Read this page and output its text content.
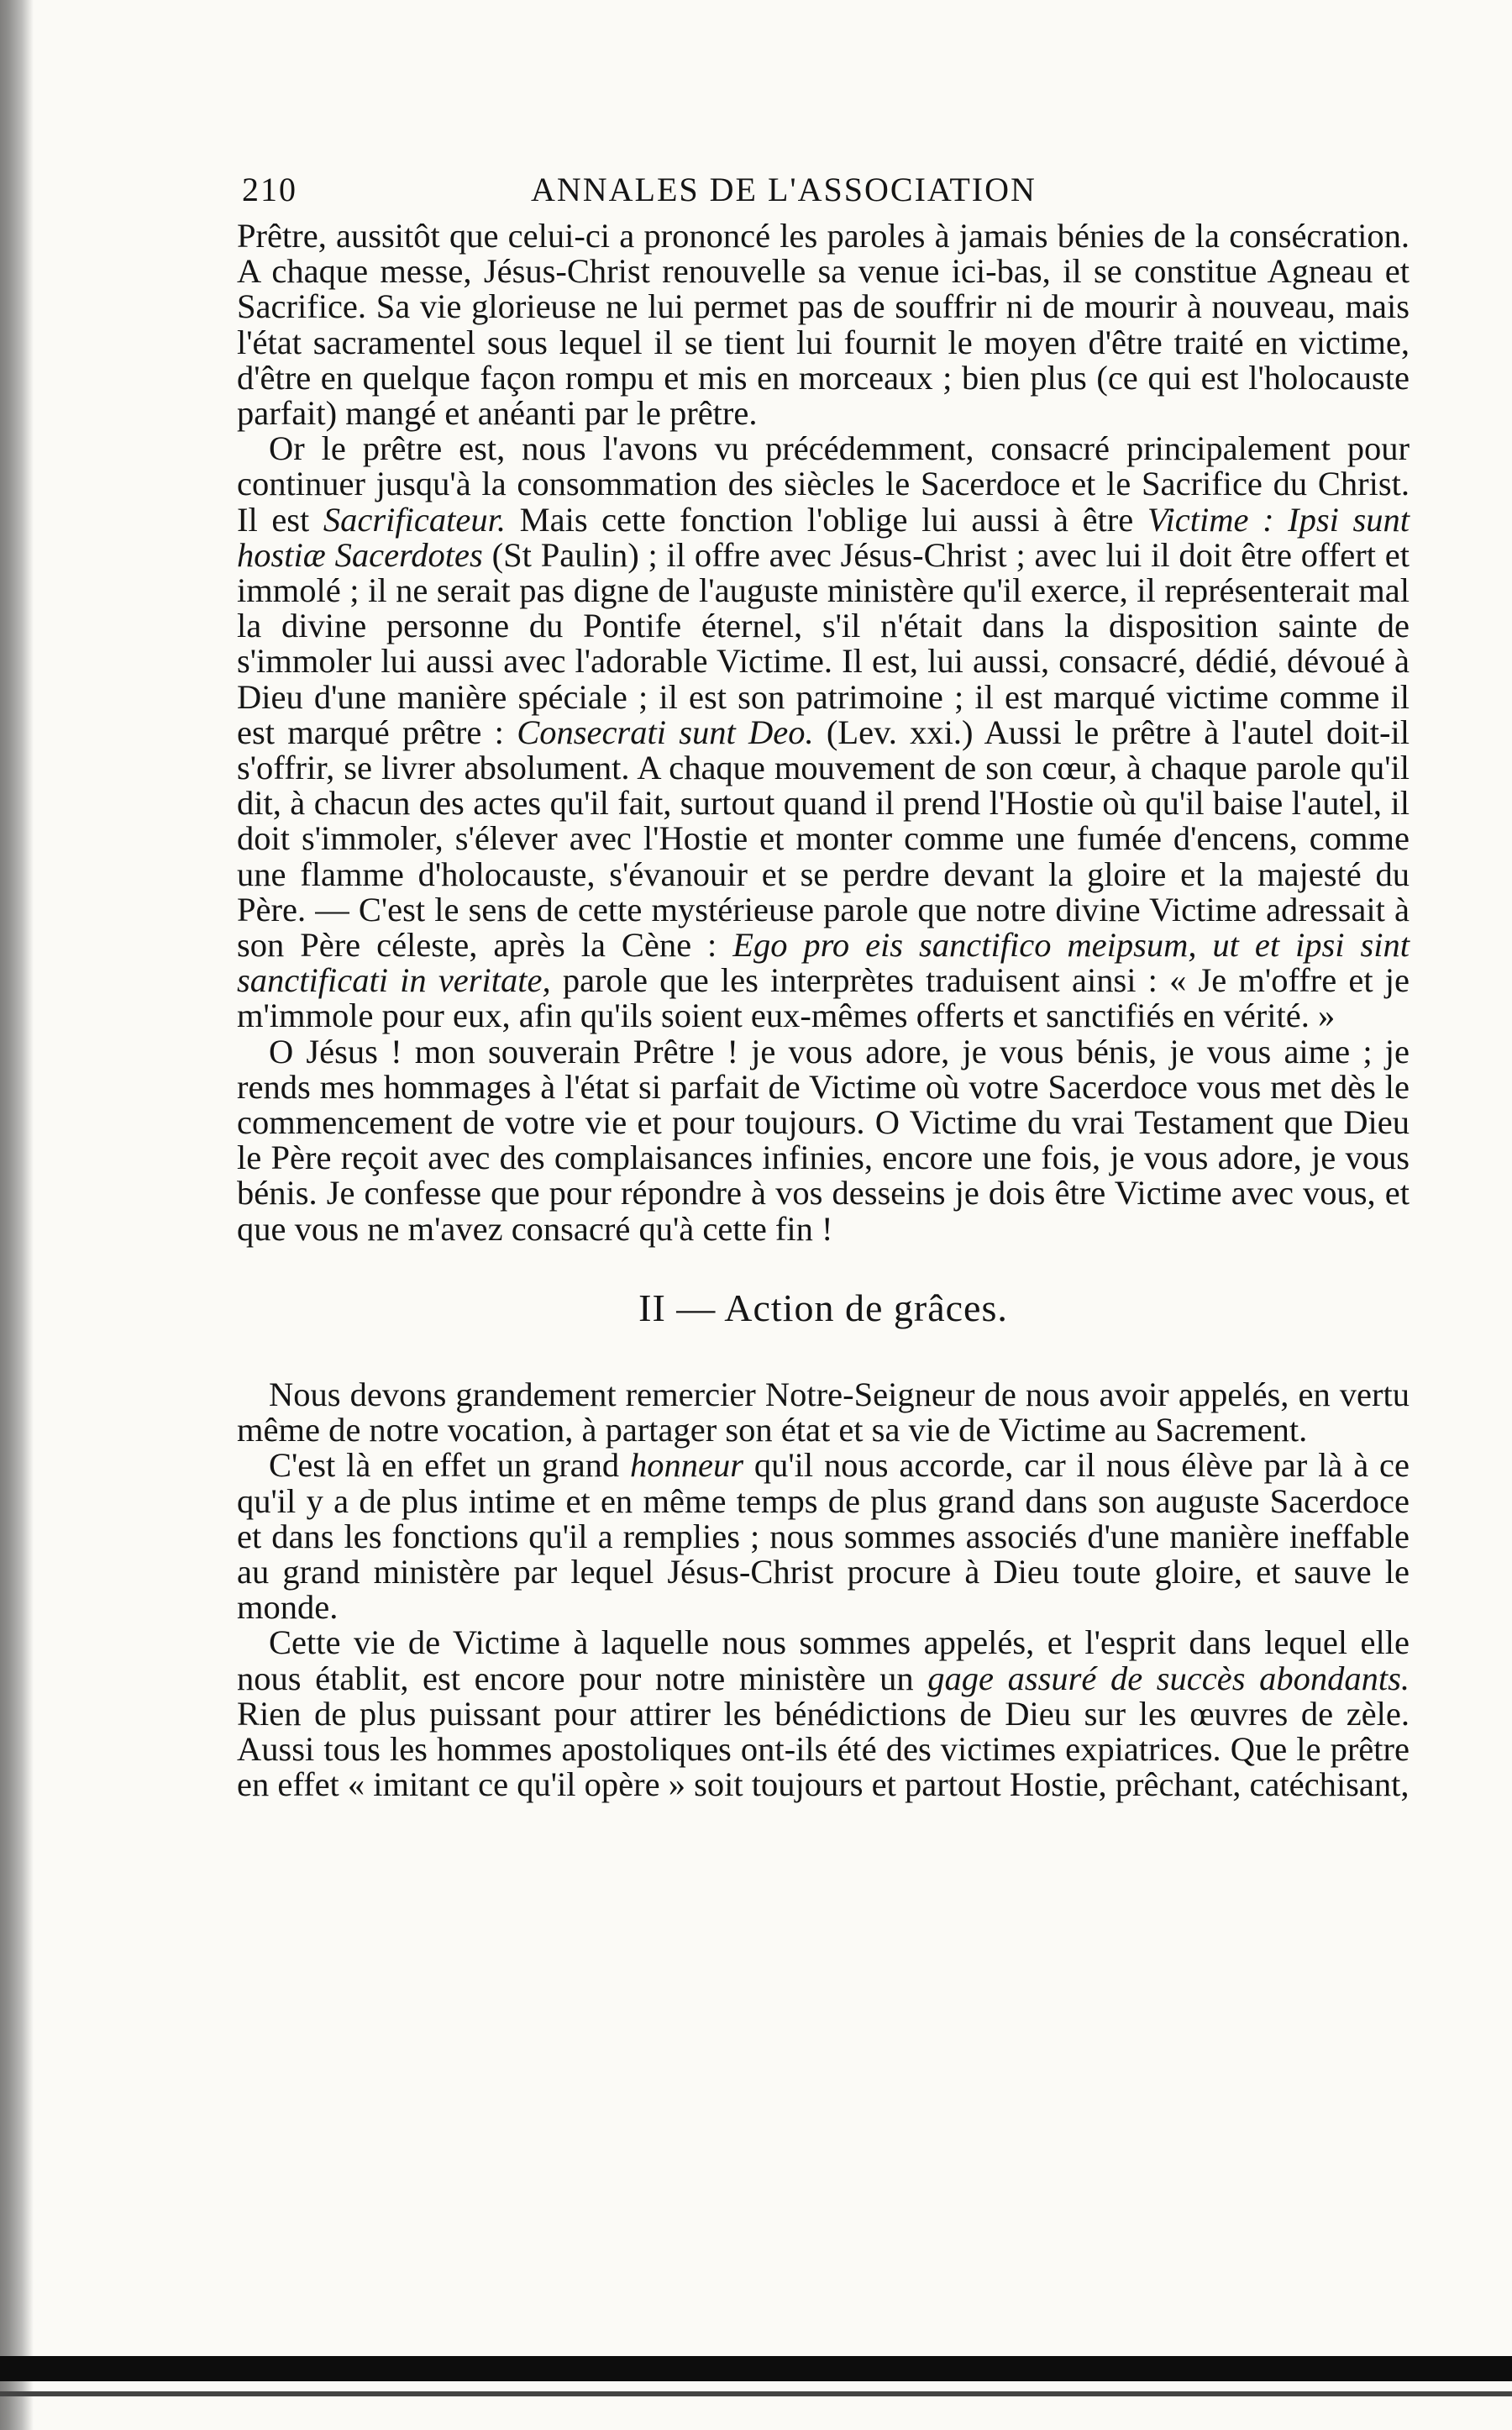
210	ANNALES DE L'ASSOCIATION

Prêtre, aussitôt que celui-ci a prononcé les paroles à jamais bénies de la consécration. A chaque messe, Jésus-Christ renouvelle sa venue ici-bas, il se constitue Agneau et Sacrifice. Sa vie glorieuse ne lui permet pas de souffrir ni de mourir à nouveau, mais l'état sacramentel sous lequel il se tient lui fournit le moyen d'être traité en victime, d'être en quelque façon rompu et mis en morceaux ; bien plus (ce qui est l'holocauste parfait) mangé et anéanti par le prêtre.

Or le prêtre est, nous l'avons vu précédemment, consacré principalement pour continuer jusqu'à la consommation des siècles le Sacerdoce et le Sacrifice du Christ. Il est Sacrificateur. Mais cette fonction l'oblige lui aussi à être Victime : Ipsi sunt hostiæ Sacerdotes (St Paulin) ; il offre avec Jésus-Christ ; avec lui il doit être offert et immolé ; il ne serait pas digne de l'auguste ministère qu'il exerce, il représenterait mal la divine personne du Pontife éternel, s'il n'était dans la disposition sainte de s'immoler lui aussi avec l'adorable Victime. Il est, lui aussi, consacré, dédié, dévoué à Dieu d'une manière spéciale ; il est son patrimoine ; il est marqué victime comme il est marqué prêtre : Consecrati sunt Deo. (Lev. xxi.) Aussi le prêtre à l'autel doit-il s'offrir, se livrer absolument. A chaque mouvement de son cœur, à chaque parole qu'il dit, à chacun des actes qu'il fait, surtout quand il prend l'Hostie où qu'il baise l'autel, il doit s'immoler, s'élever avec l'Hostie et monter comme une fumée d'encens, comme une flamme d'holocauste, s'évanouir et se perdre devant la gloire et la majesté du Père. — C'est le sens de cette mystérieuse parole que notre divine Victime adressait à son Père céleste, après la Cène : Ego pro eis sanctifico meipsum, ut et ipsi sint sanctificati in veritate, parole que les interprètes traduisent ainsi : « Je m'offre et je m'immole pour eux, afin qu'ils soient eux-mêmes offerts et sanctifiés en vérité. »

O Jésus ! mon souverain Prêtre ! je vous adore, je vous bénis, je vous aime ; je rends mes hommages à l'état si parfait de Victime où votre Sacerdoce vous met dès le commencement de votre vie et pour toujours. O Victime du vrai Testament que Dieu le Père reçoit avec des complaisances infinies, encore une fois, je vous adore, je vous bénis. Je confesse que pour répondre à vos desseins je dois être Victime avec vous, et que vous ne m'avez consacré qu'à cette fin !

II — Action de grâces.

Nous devons grandement remercier Notre-Seigneur de nous avoir appelés, en vertu même de notre vocation, à partager son état et sa vie de Victime au Sacrement.

C'est là en effet un grand honneur qu'il nous accorde, car il nous élève par là à ce qu'il y a de plus intime et en même temps de plus grand dans son auguste Sacerdoce et dans les fonctions qu'il a remplies ; nous sommes associés d'une manière ineffable au grand ministère par lequel Jésus-Christ procure à Dieu toute gloire, et sauve le monde.

Cette vie de Victime à laquelle nous sommes appelés, et l'esprit dans lequel elle nous établit, est encore pour notre ministère un gage assuré de succès abondants. Rien de plus puissant pour attirer les bénédictions de Dieu sur les œuvres de zèle. Aussi tous les hommes apostoliques ont-ils été des victimes expiatrices. Que le prêtre en effet « imitant ce qu'il opère » soit toujours et partout Hostie, prêchant, catéchisant,
